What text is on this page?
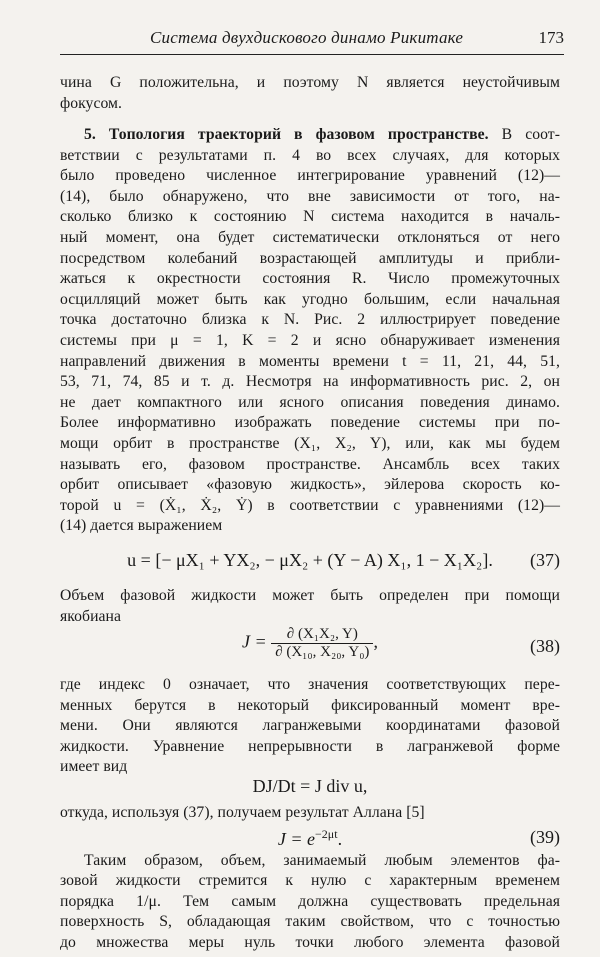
Система двухдискового динамо Рикитаке	173
чина G положительна, и поэтому N является неустойчивым
фокусом.
5. Топология траекторий в фазовом пространстве. В соот-
ветствии с результатами п. 4 во всех случаях, для которых
было проведено численное интегрирование уравнений (12)—
(14), было обнаружено, что вне зависимости от того, на-
сколько близко к состоянию N система находится в началь-
ный момент, она будет систематически отклоняться от него
посредством колебаний возрастающей амплитуды и прибли-
жаться к окрестности состояния R. Число промежуточных
осцилляций может быть как угодно большим, если начальная
точка достаточно близка к N. Рис. 2 иллюстрирует поведение
системы при μ = 1, K = 2 и ясно обнаруживает изменения
направлений движения в моменты времени t = 11, 21, 44, 51,
53, 71, 74, 85 и т. д. Несмотря на информативность рис. 2, он
не дает компактного или ясного описания поведения динамо.
Более информативно изображать поведение системы при по-
мощи орбит в пространстве (X₁, X₂, Y), или, как мы будем
называть его, фазовом пространстве. Ансамбль всех таких
орбит описывает «фазовую жидкость», эйлерова скорость ко-
торой u = (Ẋ₁, Ẋ₂, Ẏ) в соответствии с уравнениями (12)—
(14) дается выражением
u = [− μX₁ + YX₂, − μX₂ + (Y − A) X₁, 1 − X₁X₂].	(37)
Объем фазовой жидкости может быть определен при помощи
якобиана
$J = \frac{\text{∂ (X₁X₂, Y)}}{\text{∂ (X₁₀, X₂₀, Y₀)}}$ ,	(38)
где индекс 0 означает, что значения соответствующих пере-
менных берутся в некоторый фиксированный момент вре-
мени. Они являются лагранжевыми координатами фазовой
жидкости. Уравнение непрерывности в лагранжевой форме
имеет вид
DJ/Dt = J div u,
откуда, используя (37), получаем результат Аллана [5]
$J = e^{-2\mu t}$.	(39)
Таким образом, объем, занимаемый любым элементов фа-
зовой жидкости стремится к нулю с характерным временем
порядка 1/μ. Тем самым должна существовать предельная
поверхность S, обладающая таким свойством, что с точностью
до множества меры нуль точки любого элемента фазовой
